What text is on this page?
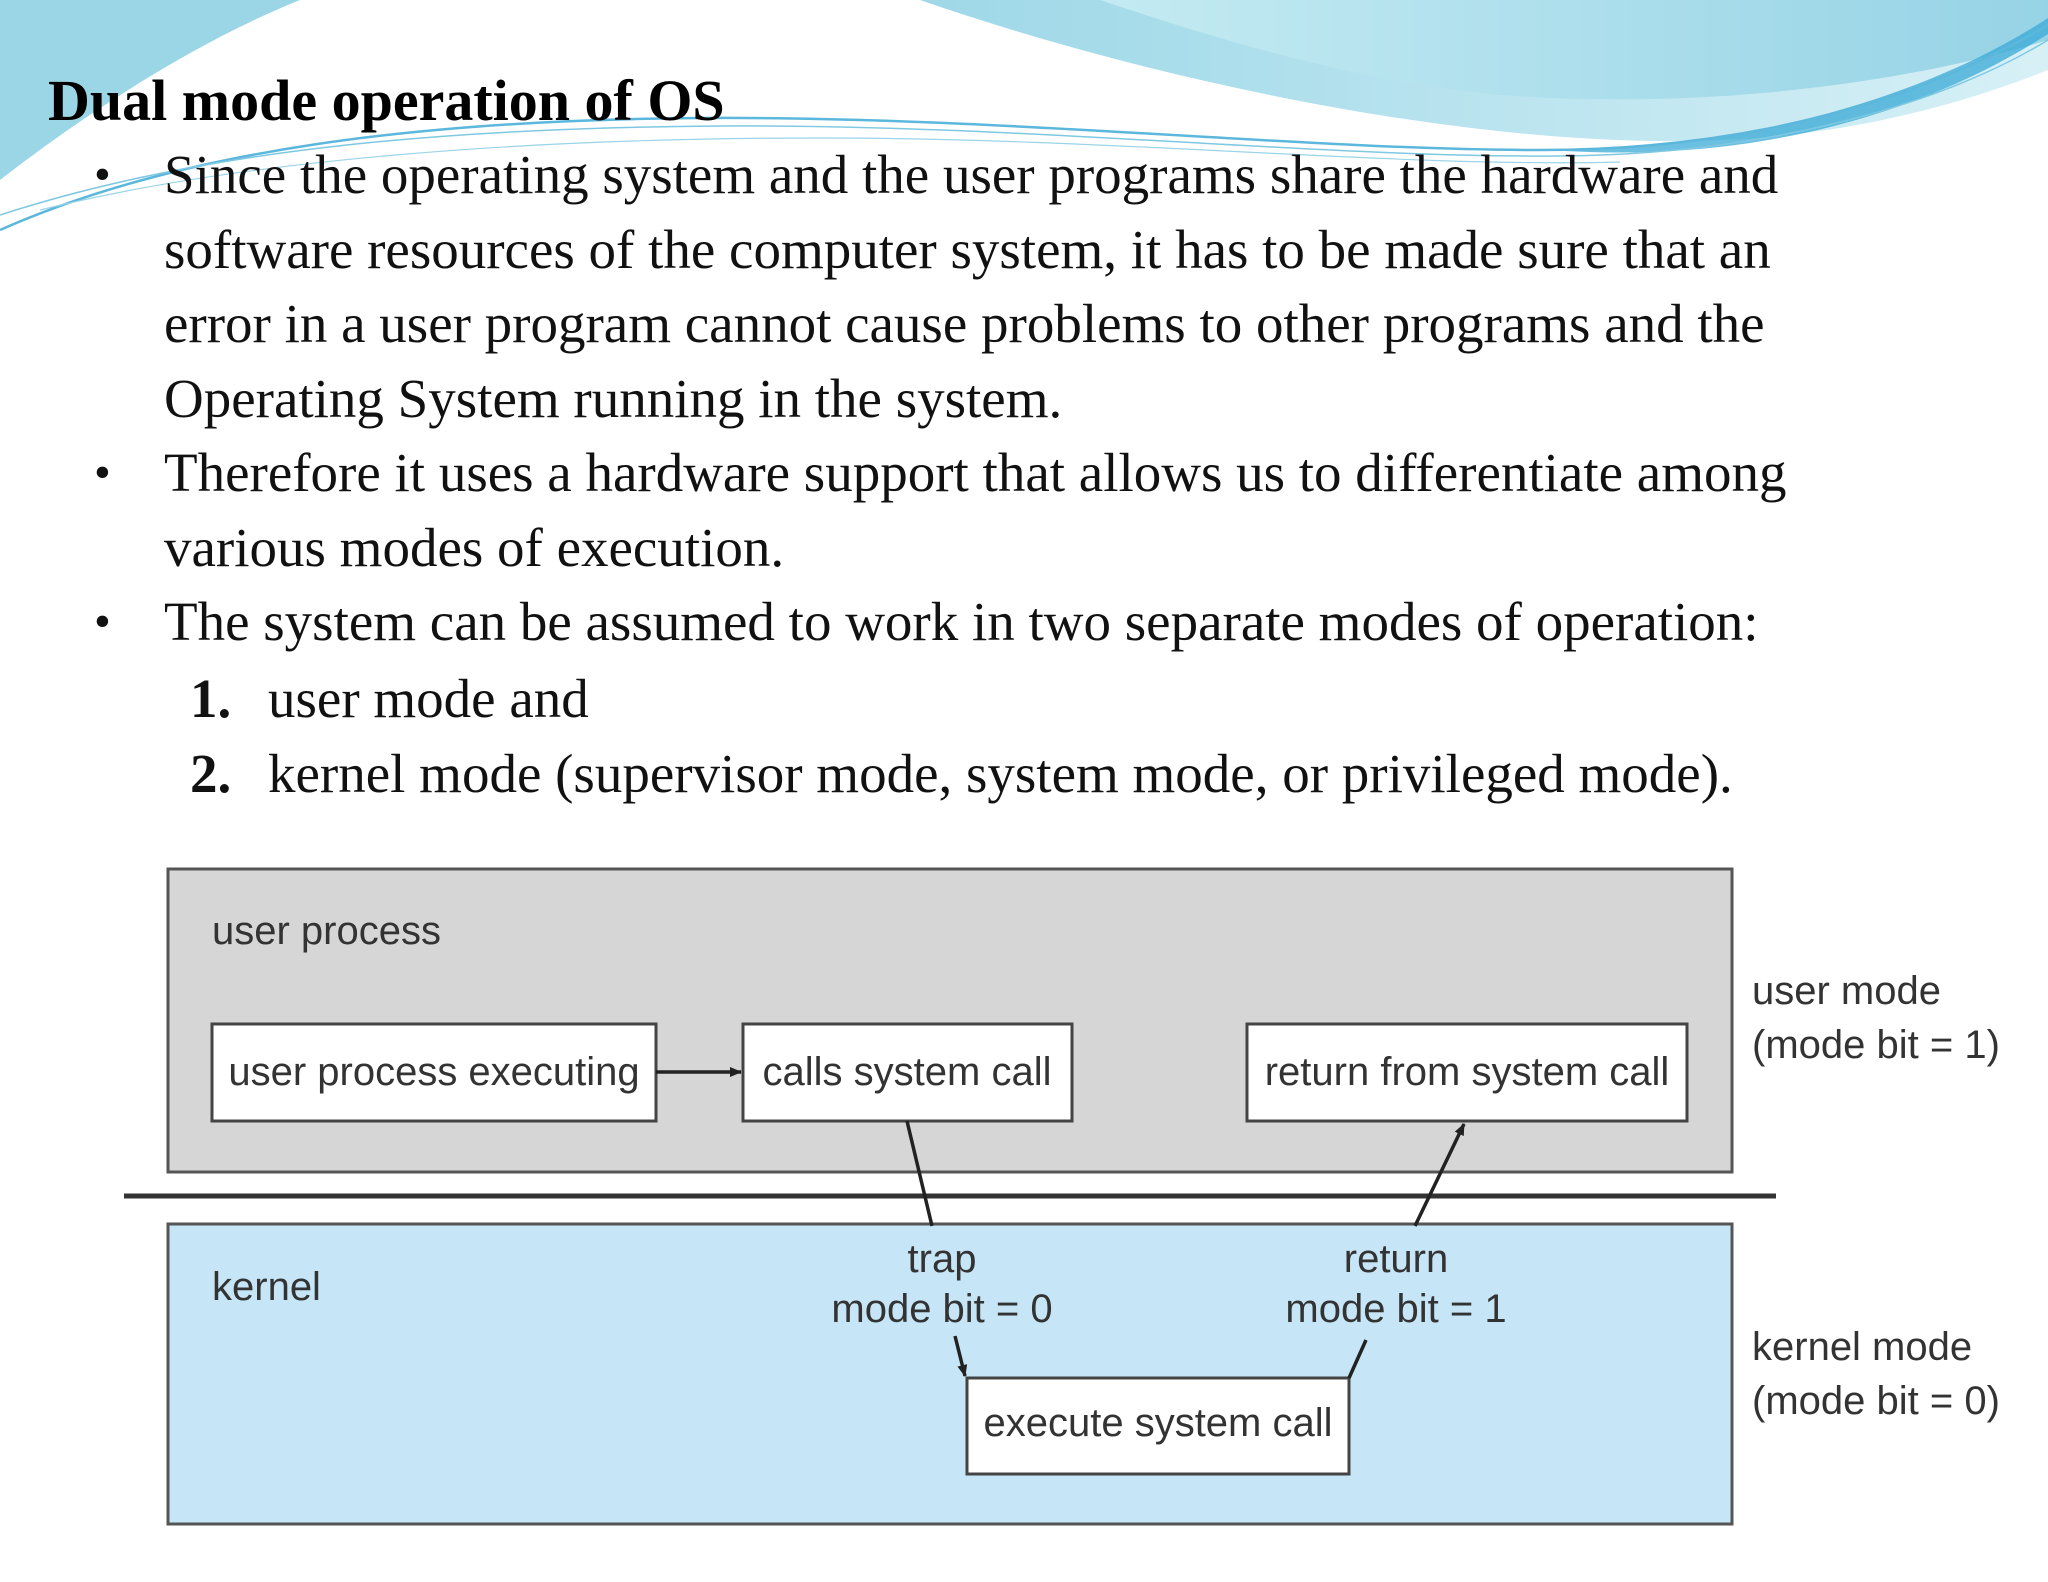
Dual mode operation of OS
• Since the operating system and the user programs share the hardware and
software resources of the computer system, it has to be made sure that an
error in a user program cannot cause problems to other programs and the
Operating System running in the system.
• Therefore it uses a hardware support that allows us to differentiate among
various modes of execution.
• The system can be assumed to work in two separate modes of operation:
1. user mode and
2. kernel mode (supervisor mode, system mode, or privileged mode).
user process
user process executing	calls system call	return from system call
kernel
trap
mode bit = 0
return
mode bit = 1
execute system call
user mode
(mode bit = 1)
kernel mode
(mode bit = 0)
